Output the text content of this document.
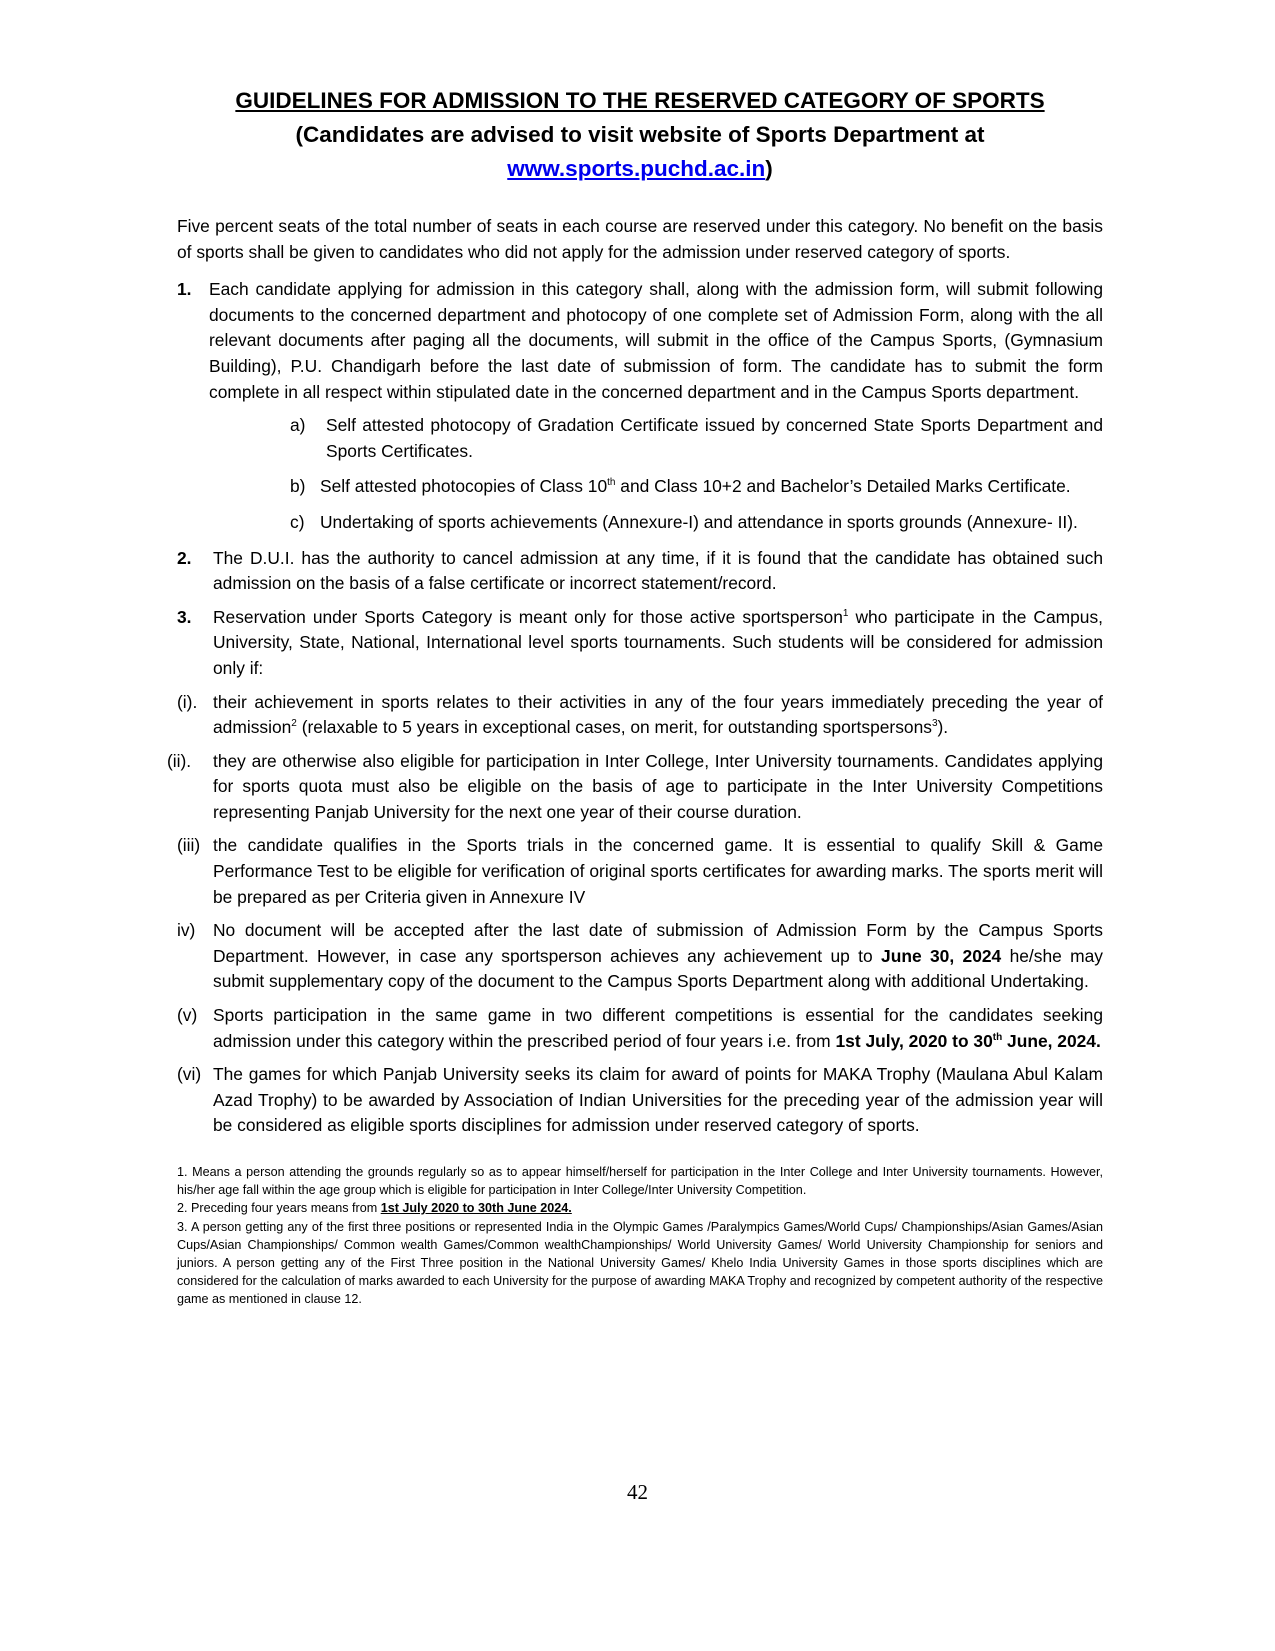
GUIDELINES FOR ADMISSION TO THE RESERVED CATEGORY OF SPORTS
(Candidates are advised to visit website of Sports Department at
www.sports.puchd.ac.in)

Five percent seats of the total number of seats in each course are reserved under this category. No benefit on the basis of sports shall be given to candidates who did not apply for the admission under reserved category of sports.

1. Each candidate applying for admission in this category shall, along with the admission form, will submit following documents to the concerned department and photocopy of one complete set of Admission Form, along with the all relevant documents after paging all the documents, will submit in the office of the Campus Sports, (Gymnasium Building), P.U. Chandigarh before the last date of submission of form. The candidate has to submit the form complete in all respect within stipulated date in the concerned department and in the Campus Sports department.
a) Self attested photocopy of Gradation Certificate issued by concerned State Sports Department and Sports Certificates.
b) Self attested photocopies of Class 10th and Class 10+2 and Bachelor’s Detailed Marks Certificate.
c) Undertaking of sports achievements (Annexure-I) and attendance in sports grounds (Annexure- II).
2. The D.U.I. has the authority to cancel admission at any time, if it is found that the candidate has obtained such admission on the basis of a false certificate or incorrect statement/record.
3. Reservation under Sports Category is meant only for those active sportsperson$^1$ who participate in the Campus, University, State, National, International level sports tournaments. Such students will be considered for admission only if:
(i). their achievement in sports relates to their activities in any of the four years immediately preceding the year of admission$^2$ (relaxable to 5 years in exceptional cases, on merit, for outstanding sportspersons$^3$).
(ii). they are otherwise also eligible for participation in Inter College, Inter University tournaments. Candidates applying for sports quota must also be eligible on the basis of age to participate in the Inter University Competitions representing Panjab University for the next one year of their course duration.
(iii) the candidate qualifies in the Sports trials in the concerned game. It is essential to qualify Skill & Game Performance Test to be eligible for verification of original sports certificates for awarding marks. The sports merit will be prepared as per Criteria given in Annexure IV
iv) No document will be accepted after the last date of submission of Admission Form by the Campus Sports Department. However, in case any sportsperson achieves any achievement up to June 30, 2024 he/she may submit supplementary copy of the document to the Campus Sports Department along with additional Undertaking.
(v) Sports participation in the same game in two different competitions is essential for the candidates seeking admission under this category within the prescribed period of four years i.e. from 1st July, 2020 to 30th June, 2024.
(vi) The games for which Panjab University seeks its claim for award of points for MAKA Trophy (Maulana Abul Kalam Azad Trophy) to be awarded by Association of Indian Universities for the preceding year of the admission year will be considered as eligible sports disciplines for admission under reserved category of sports.

1. Means a person attending the grounds regularly so as to appear himself/herself for participation in the Inter College and Inter University tournaments. However, his/her age fall within the age group which is eligible for participation in Inter College/Inter University Competition.

2. Preceding four years means from 1st July 2020 to 30th June 2024.

3. A person getting any of the first three positions or represented India in the Olympic Games /Paralympics Games/World Cups/ Championships/Asian Games/Asian Cups/Asian Championships/ Common wealth Games/Common wealthChampionships/ World University Games/ World University Championship for seniors and juniors. A person getting any of the First Three position in the National University Games/ Khelo India University Games in those sports disciplines which are considered for the calculation of marks awarded to each University for the purpose of awarding MAKA Trophy and recognized by competent authority of the respective game as mentioned in clause 12.

42
